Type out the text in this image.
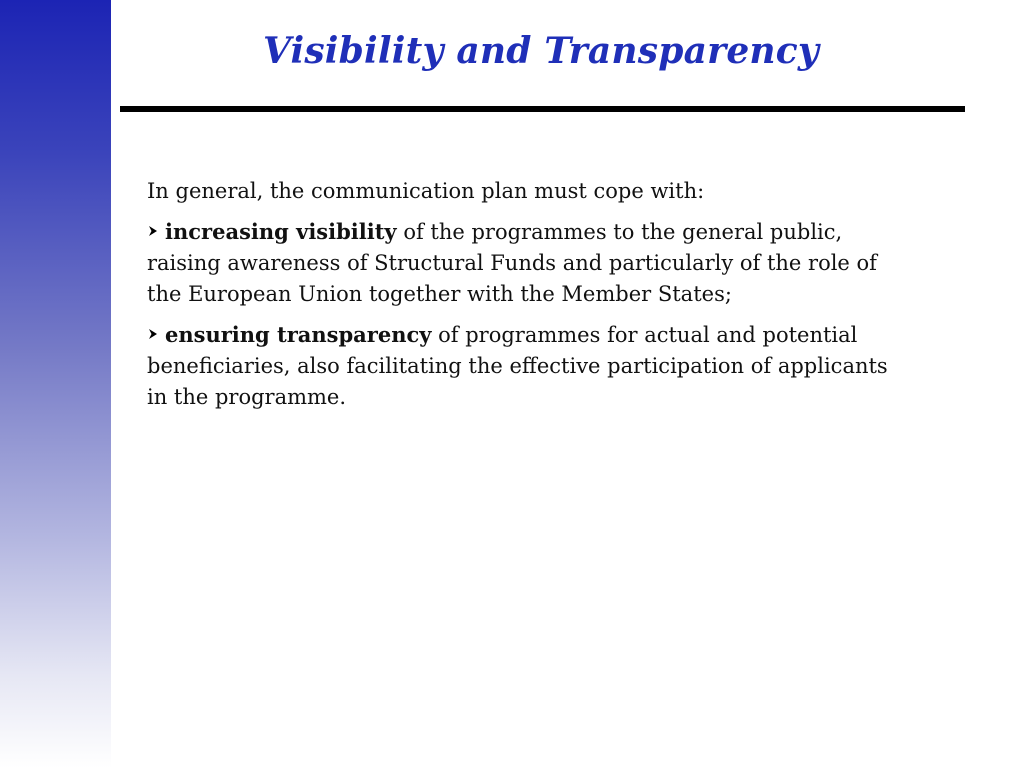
Visibility and Transparency

In general, the communication plan must cope with:

increasing visibility of the programmes to the general public, raising awareness of Structural Funds and particularly of the role of the European Union together with the Member States;

ensuring transparency of programmes for actual and potential beneficiaries, also facilitating the effective participation of applicants in the programme.
